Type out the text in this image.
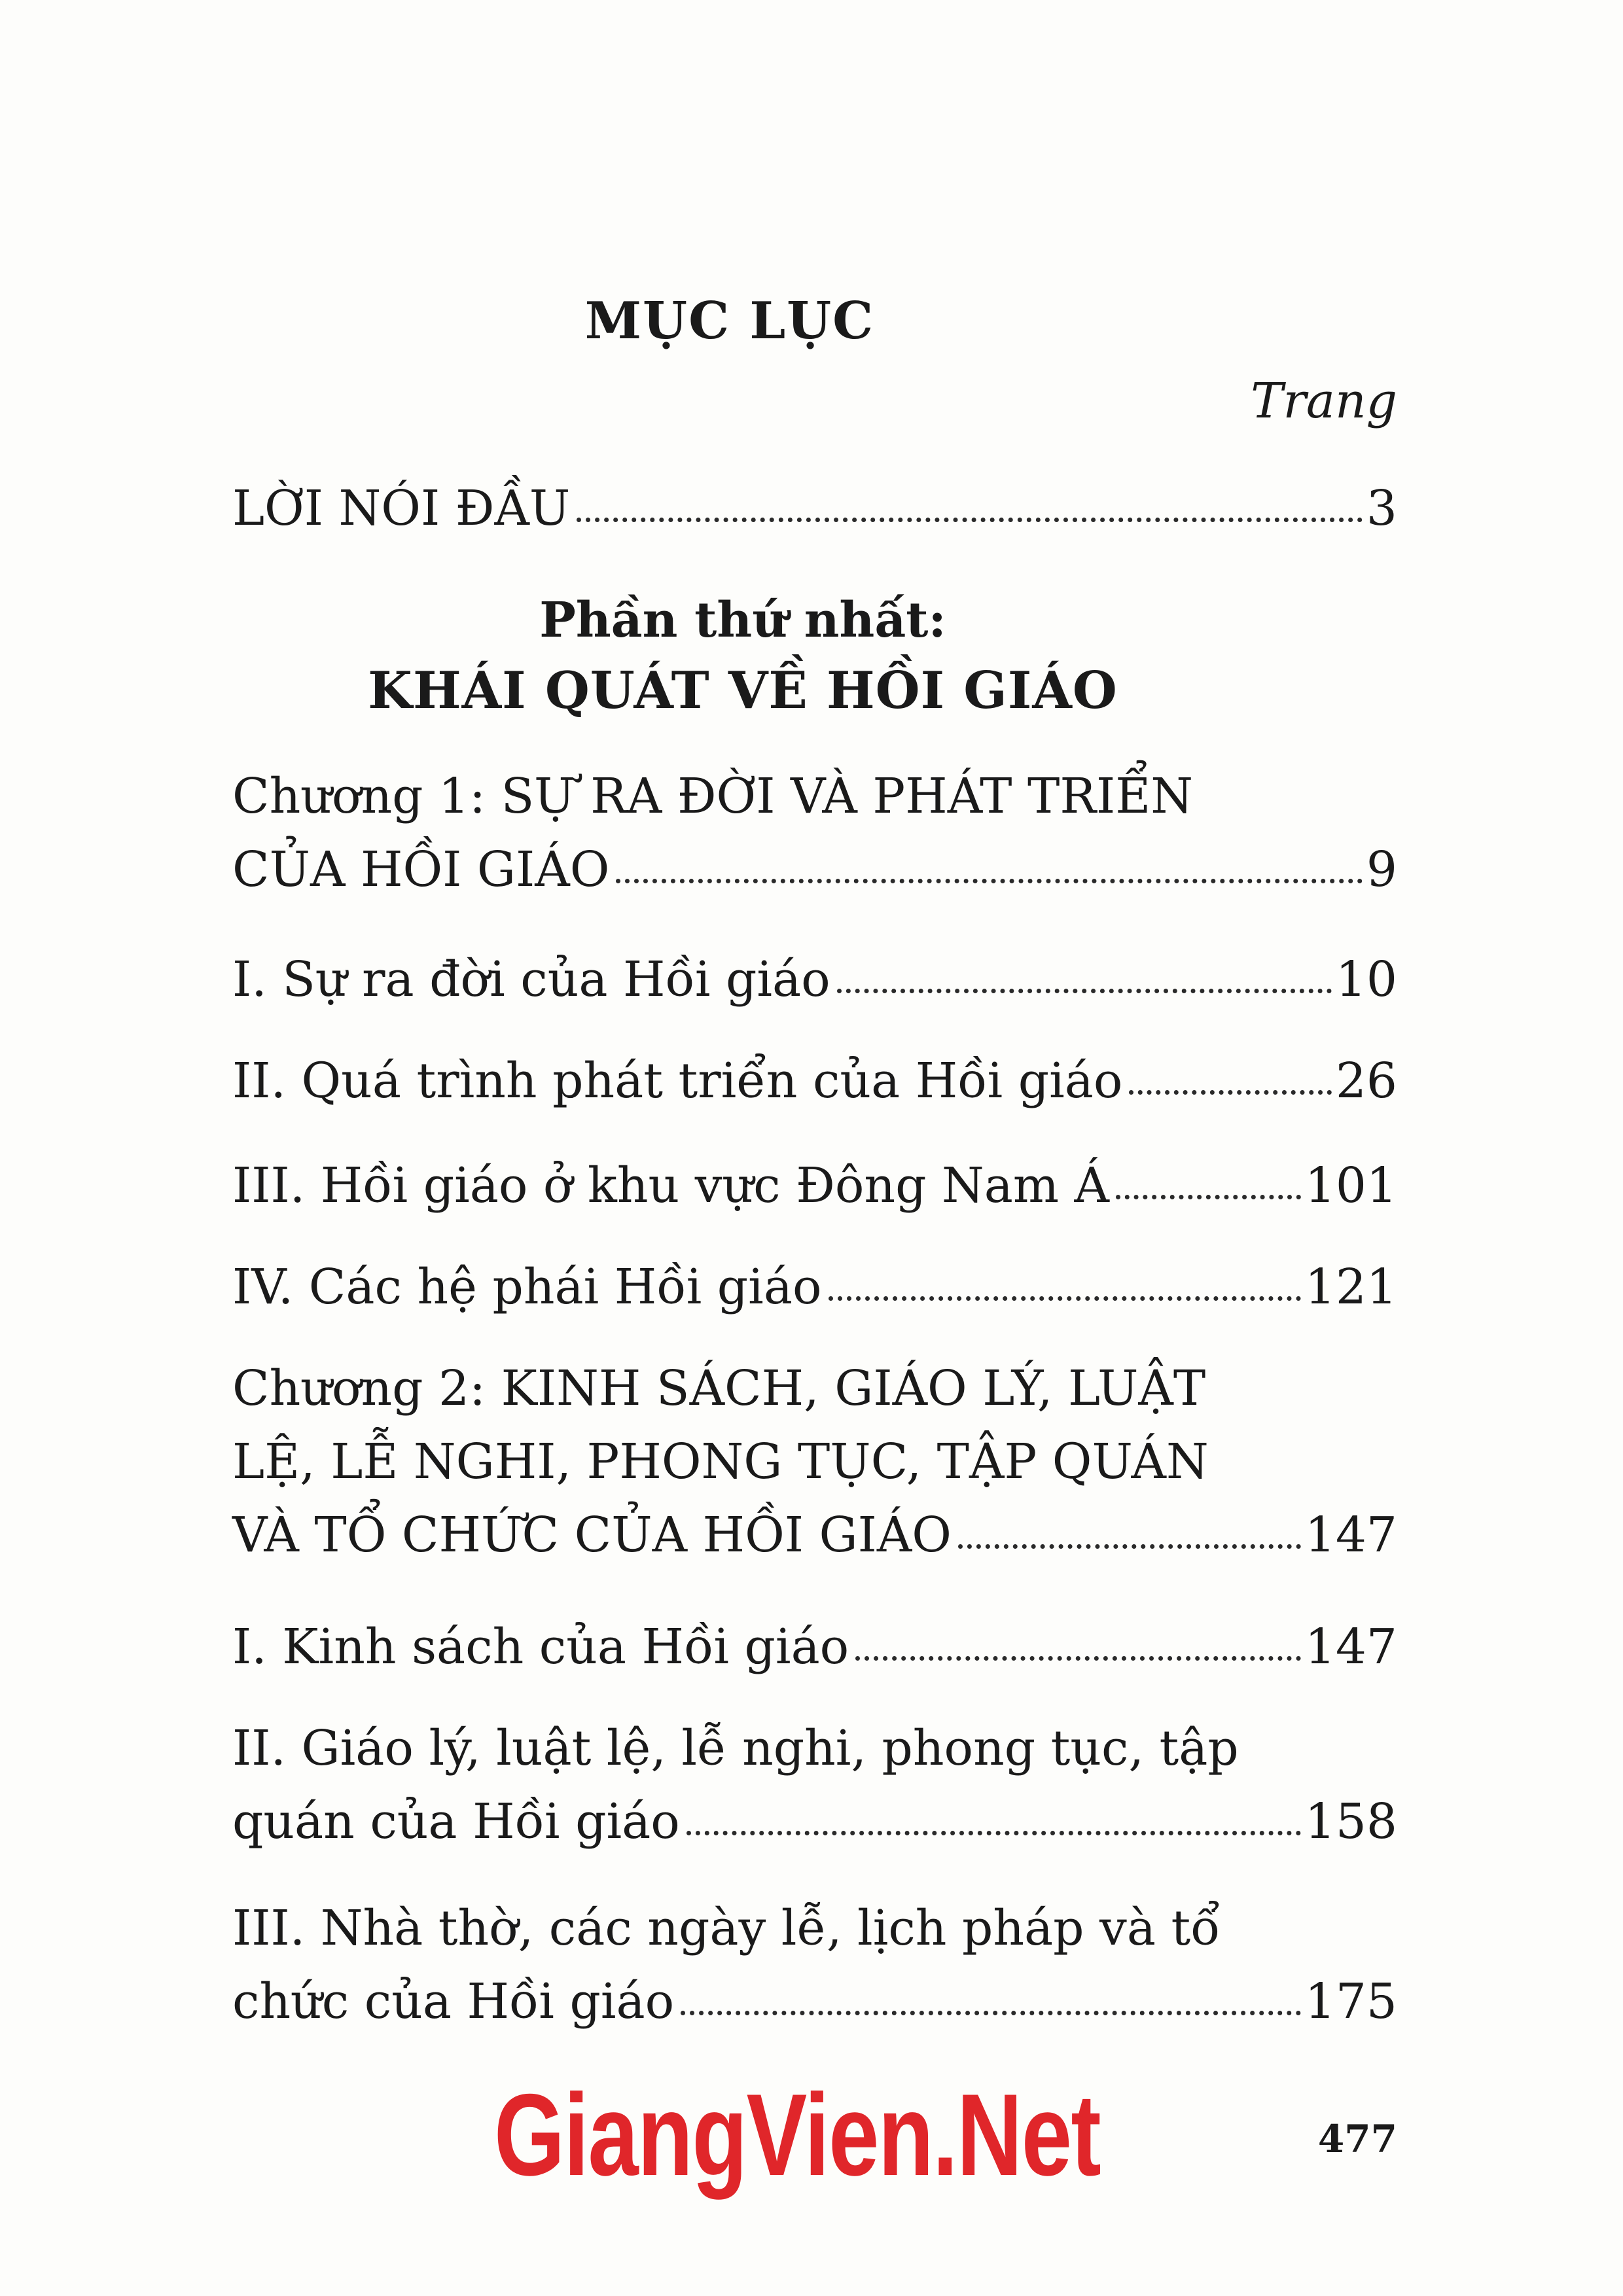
MỤC LỤC
Trang
LỜI NÓI ĐẦU	3
Phần thứ nhất:
KHÁI QUÁT VỀ HỒI GIÁO
Chương 1: SỰ RA ĐỜI VÀ PHÁT TRIỂN
CỦA HỒI GIÁO	9
I. Sự ra đời của Hồi giáo	10
II. Quá trình phát triển của Hồi giáo	26
III. Hồi giáo ở khu vực Đông Nam Á	101
IV. Các hệ phái Hồi giáo	121
Chương 2: KINH SÁCH, GIÁO LÝ, LUẬT
LỆ, LỄ NGHI, PHONG TỤC, TẬP QUÁN
VÀ TỔ CHỨC CỦA HỒI GIÁO	147
I. Kinh sách của Hồi giáo	147
II. Giáo lý, luật lệ, lễ nghi, phong tục, tập
quán của Hồi giáo	158
III. Nhà thờ, các ngày lễ, lịch pháp và tổ
chức của Hồi giáo	175
GiangVien.Net	477
